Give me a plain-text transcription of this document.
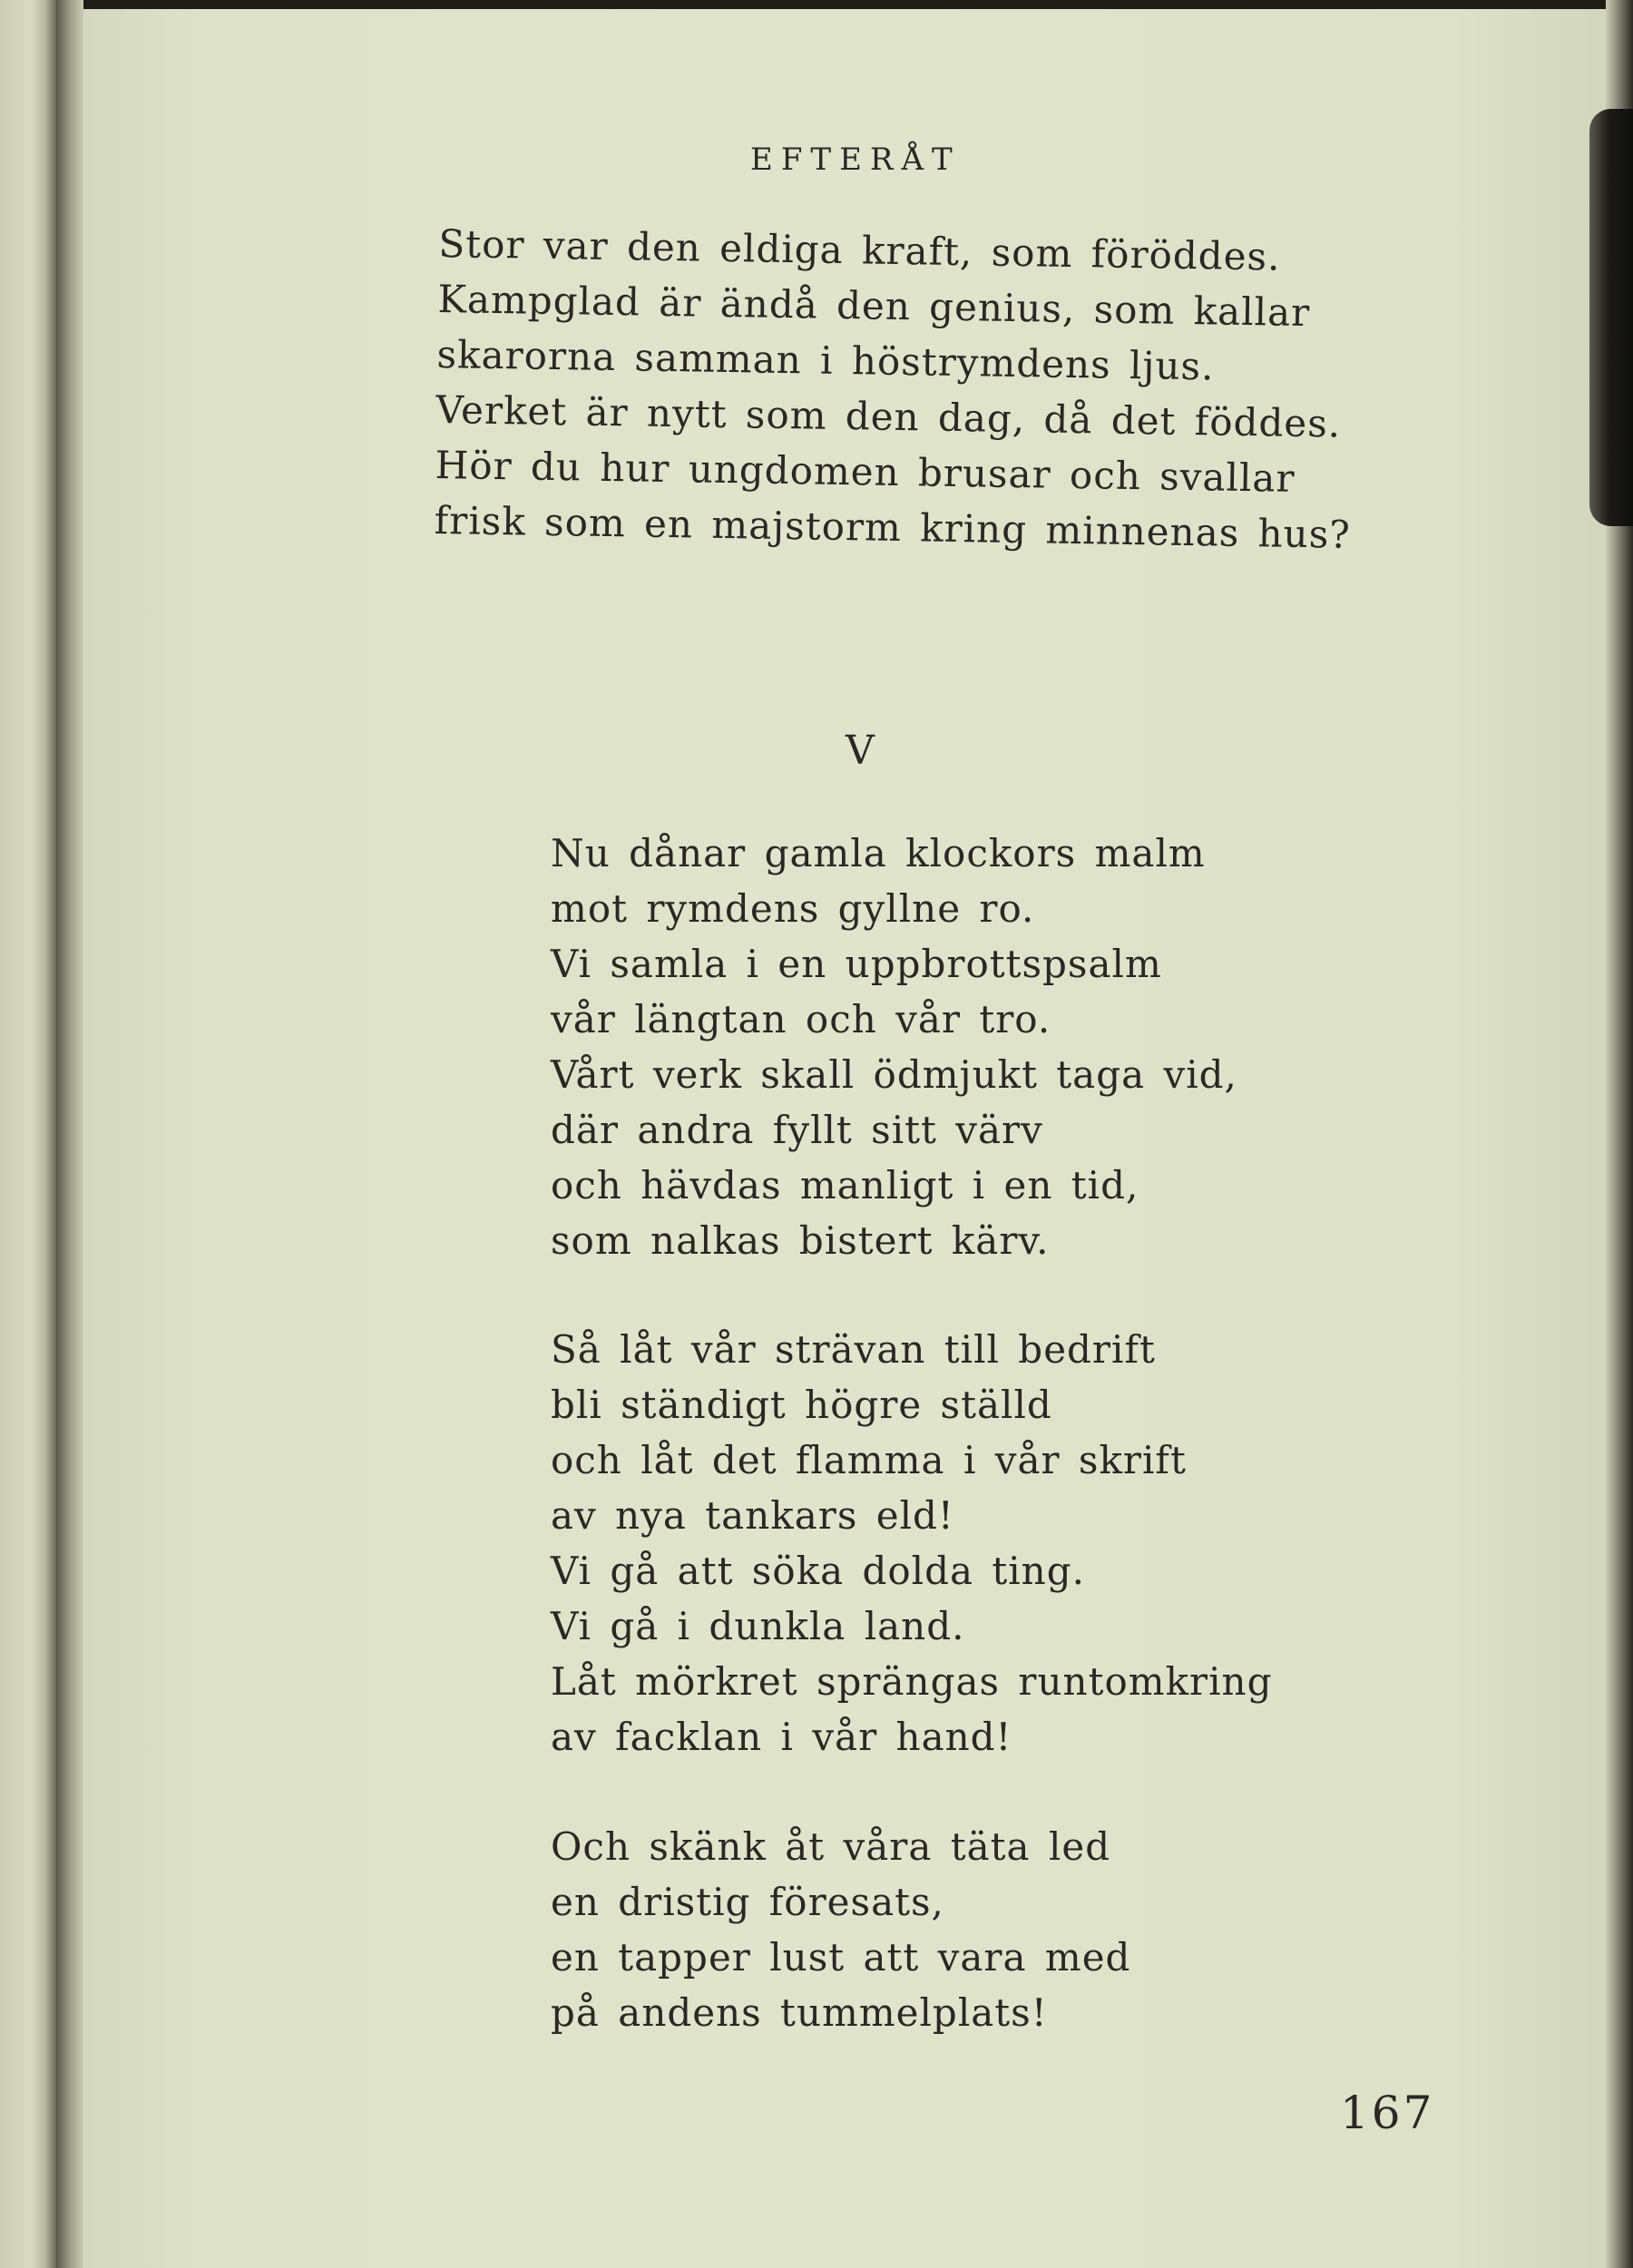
EFTERÅT
Stor var den eldiga kraft, som föröddes.
Kampglad är ändå den genius, som kallar
skarorna samman i höstrymdens ljus.
Verket är nytt som den dag, då det föddes.
Hör du hur ungdomen brusar och svallar
frisk som en majstorm kring minnenas hus?
V
Nu dånar gamla klockors malm
mot rymdens gyllne ro.
Vi samla i en uppbrottspsalm
vår längtan och vår tro.
Vårt verk skall ödmjukt taga vid,
där andra fyllt sitt värv
och hävdas manligt i en tid,
som nalkas bistert kärv.
Så låt vår strävan till bedrift
bli ständigt högre ställd
och låt det flamma i vår skrift
av nya tankars eld!
Vi gå att söka dolda ting.
Vi gå i dunkla land.
Låt mörkret sprängas runtomkring
av facklan i vår hand!
Och skänk åt våra täta led
en dristig föresats,
en tapper lust att vara med
på andens tummelplats!
167
